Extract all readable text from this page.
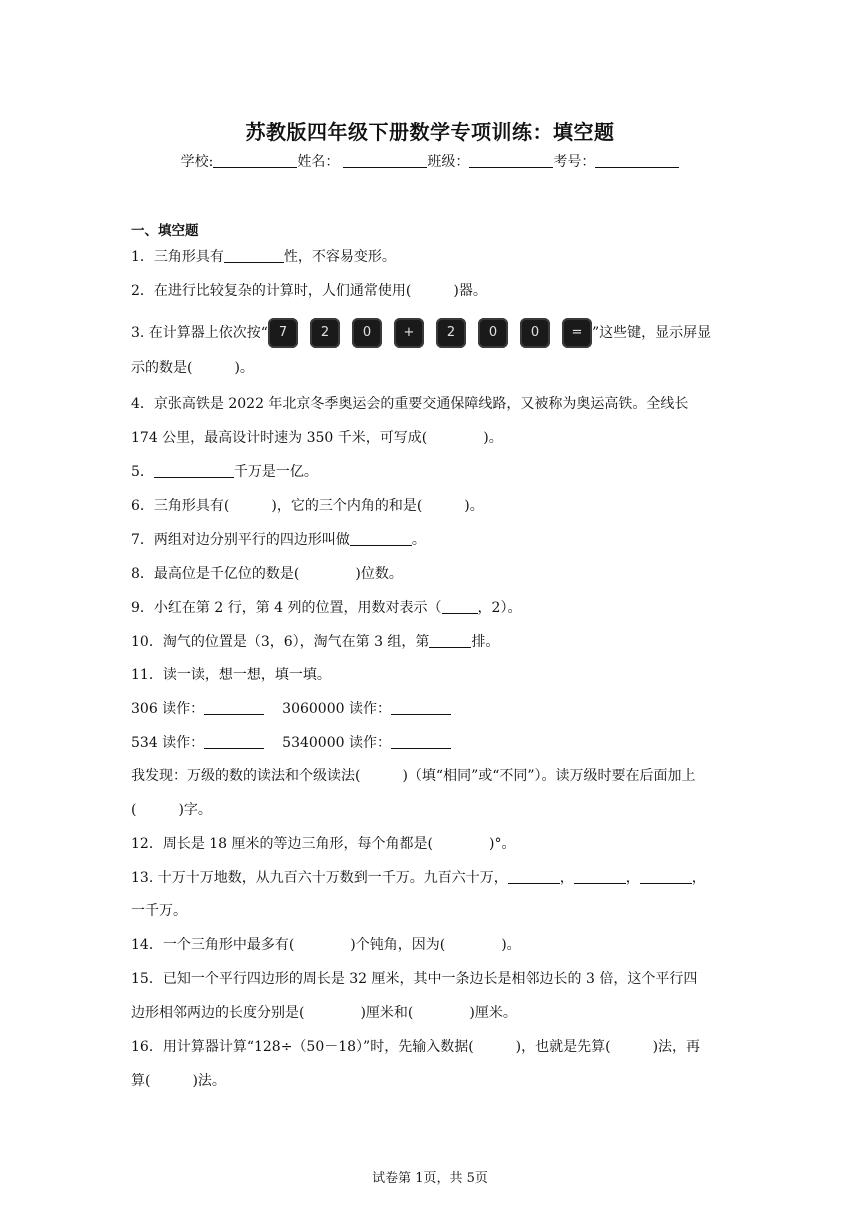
苏教版四年级下册数学专项训练：填空题
学校:	姓名：	班级：	考号：
一、填空题
1．三角形具有	性，不容易变形。
2．在进行比较复杂的计算时，人们通常使用(　　　)器。
3. 在计算器上依次按“ 7	2	0 + 2	0	0 = ”这些键，显示屏显
示的数是(　　　)。
4．京张高铁是 2022 年北京冬季奥运会的重要交通保障线路，又被称为奥运高铁。全线长
174 公里，最高设计时速为 350 千米，可写成(　　　　)。
5．	千万是一亿。
6．三角形具有(　　　)，它的三个内角的和是(　　　)。
7．两组对边分别平行的四边形叫做	。
8．最高位是千亿位的数是(　　　　)位数。
9．小红在第 2 行，第 4 列的位置，用数对表示（	，2）。
10．淘气的位置是（3，6），淘气在第 3 组，第	排。
11．读一读，想一想，填一填。
306 读作：	3060000 读作：
534 读作：	5340000 读作：
我发现：万级的数的读法和个级读法(　　　)（填“相同”或“不同”）。读万级时要在后面加上
(　　　)字。
12．周长是 18 厘米的等边三角形，每个角都是(　　　　)°。
13. 十万十万地数，从九百六十万数到一千万。九百六十万，	，	，	，
一千万。
14．一个三角形中最多有(　　　　)个钝角，因为(　　　　)。
15．已知一个平行四边形的周长是 32 厘米，其中一条边长是相邻边长的 3 倍，这个平行四
边形相邻两边的长度分别是(　　　　)厘米和(　　　　)厘米。
16．用计算器计算“128÷（50－18）”时，先输入数据(　　　)，也就是先算(　　　)法，再
算(　　　)法。
试卷第 1页，共 5页
